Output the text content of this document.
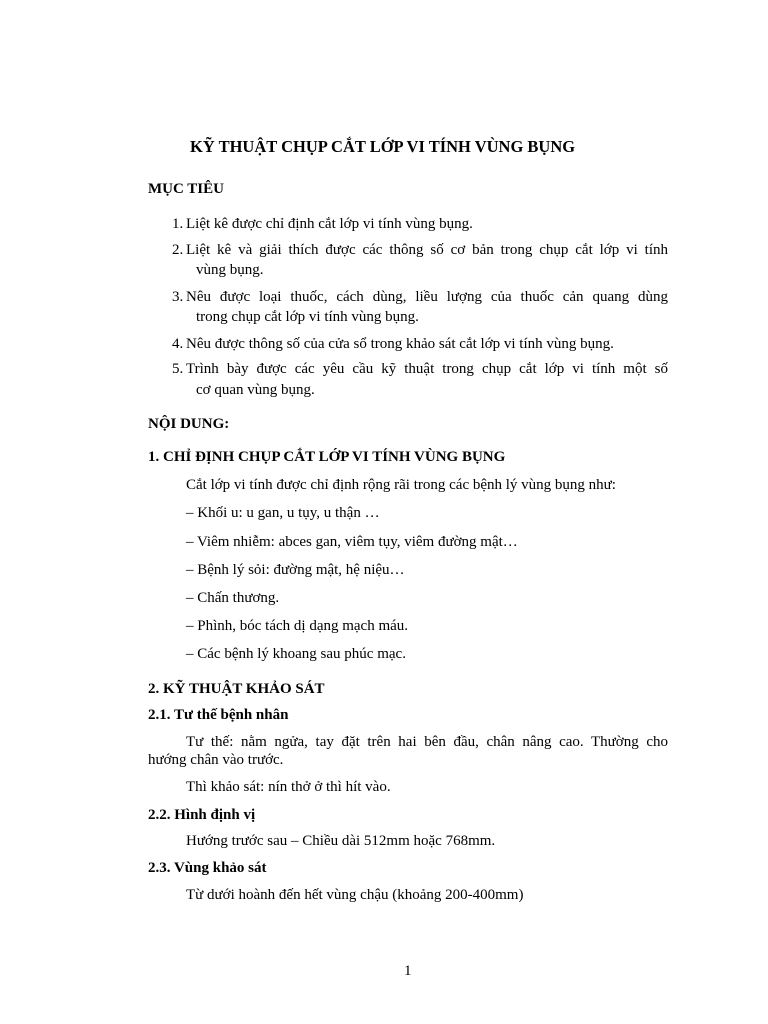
KỸ THUẬT CHỤP CẮT LỚP VI TÍNH VÙNG BỤNG
MỤC TIÊU
1. Liệt kê được chỉ định cắt lớp vi tính vùng bụng.
2. Liệt kê và giải thích được các thông số cơ bản trong chụp cắt lớp vi tính
vùng bụng.
3. Nêu được loại thuốc, cách dùng, liều lượng của thuốc cản quang dùng
trong chụp cắt lớp vi tính vùng bụng.
4. Nêu được thông số của cửa sổ trong khảo sát cắt lớp vi tính vùng bụng.
5. Trình bày được các yêu cầu kỹ thuật trong chụp cắt lớp vi tính một số
cơ quan vùng bụng.
NỘI DUNG:
1. CHỈ ĐỊNH CHỤP CẮT LỚP VI TÍNH VÙNG BỤNG
Cắt lớp vi tính được chỉ định rộng rãi trong các bệnh lý vùng bụng như:
– Khối u: u gan, u tụy, u thận …
– Viêm nhiễm: abces gan, viêm tụy, viêm đường mật…
– Bệnh lý sỏi: đường mật, hệ niệu…
– Chấn thương.
– Phình, bóc tách dị dạng mạch máu.
– Các bệnh lý khoang sau phúc mạc.
2. KỸ THUẬT KHẢO SÁT
2.1. Tư thế bệnh nhân
Tư thế: nằm ngửa, tay đặt trên hai bên đầu, chân nâng cao. Thường cho
hướng chân vào trước.
Thì khảo sát: nín thở ở thì hít vào.
2.2. Hình định vị
Hướng trước sau – Chiều dài 512mm hoặc 768mm.
2.3. Vùng khảo sát
Từ dưới hoành đến hết vùng chậu (khoảng 200-400mm)
1
